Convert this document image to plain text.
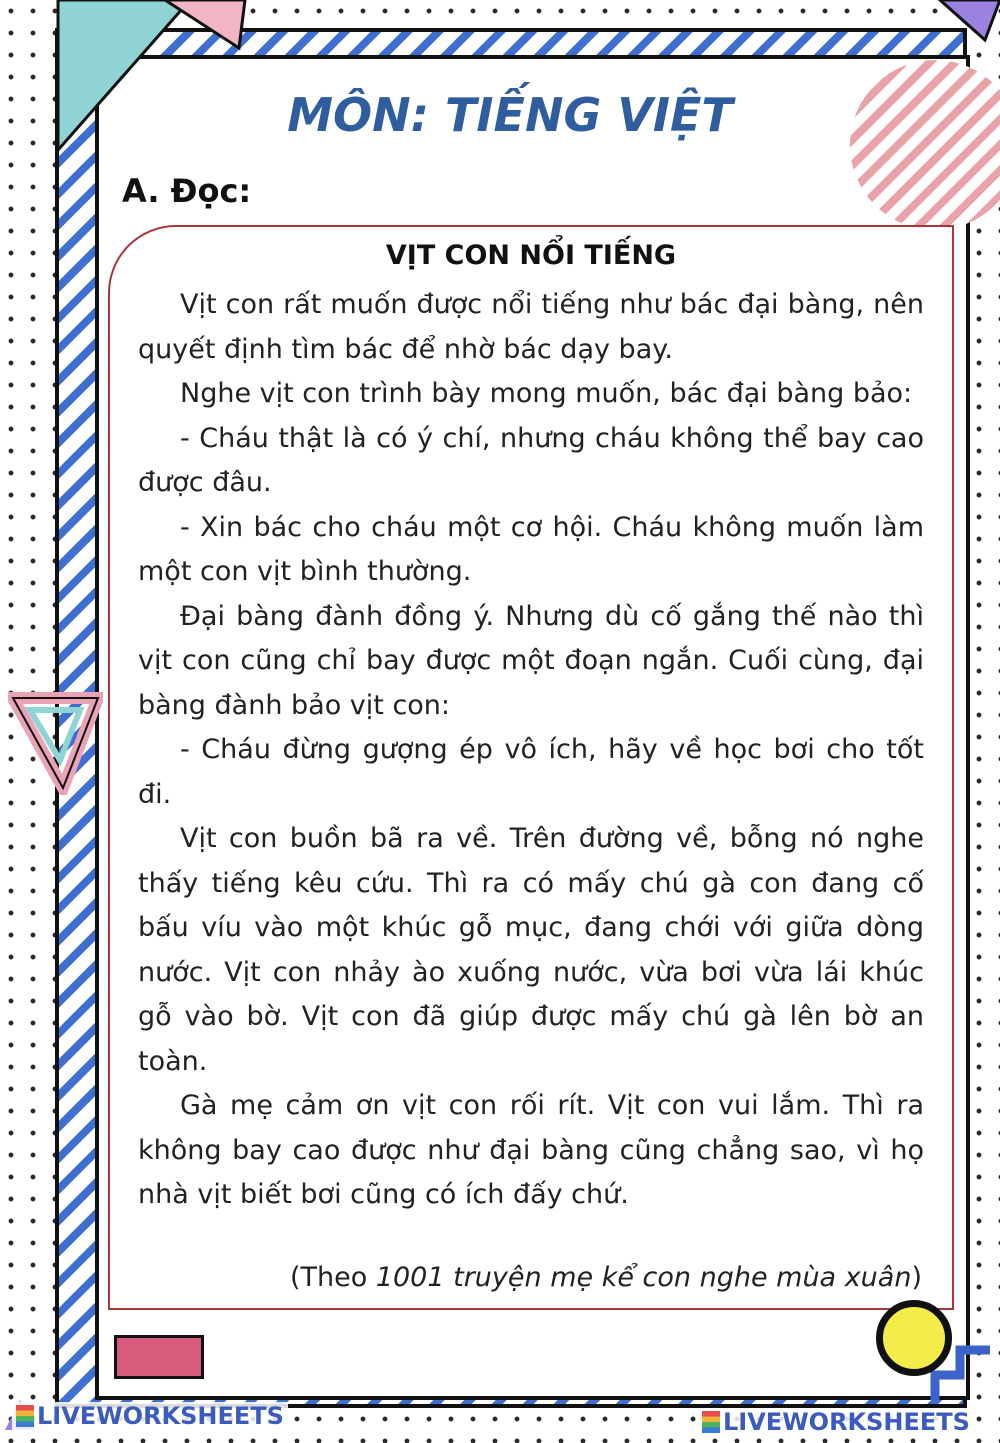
MÔN: TIẾNG VIỆT
A. Đọc:
VỊT CON NỔI TIẾNG

Vịt con rất muốn được nổi tiếng như bác đại bàng, nên quyết định tìm bác để nhờ bác dạy bay.

Nghe vịt con trình bày mong muốn, bác đại bàng bảo:

- Cháu thật là có ý chí, nhưng cháu không thể bay cao được đâu.

- Xin bác cho cháu một cơ hội. Cháu không muốn làm một con vịt bình thường.

Đại bàng đành đồng ý. Nhưng dù cố gắng thế nào thì vịt con cũng chỉ bay được một đoạn ngắn. Cuối cùng, đại bàng đành bảo vịt con:

- Cháu đừng gượng ép vô ích, hãy về học bơi cho tốt đi.

Vịt con buồn bã ra về. Trên đường về, bỗng nó nghe thấy tiếng kêu cứu. Thì ra có mấy chú gà con đang cố bấu víu vào một khúc gỗ mục, đang chới với giữa dòng nước. Vịt con nhảy ào xuống nước, vừa bơi vừa lái khúc gỗ vào bờ. Vịt con đã giúp được mấy chú gà lên bờ an toàn.

Gà mẹ cảm ơn vịt con rối rít. Vịt con vui lắm. Thì ra không bay cao được như đại bàng cũng chẳng sao, vì họ nhà vịt biết bơi cũng có ích đấy chứ.

(Theo 1001 truyện mẹ kể con nghe mùa xuân)
LIVEWORKSHEETS	LIVEWORKSHEETS
